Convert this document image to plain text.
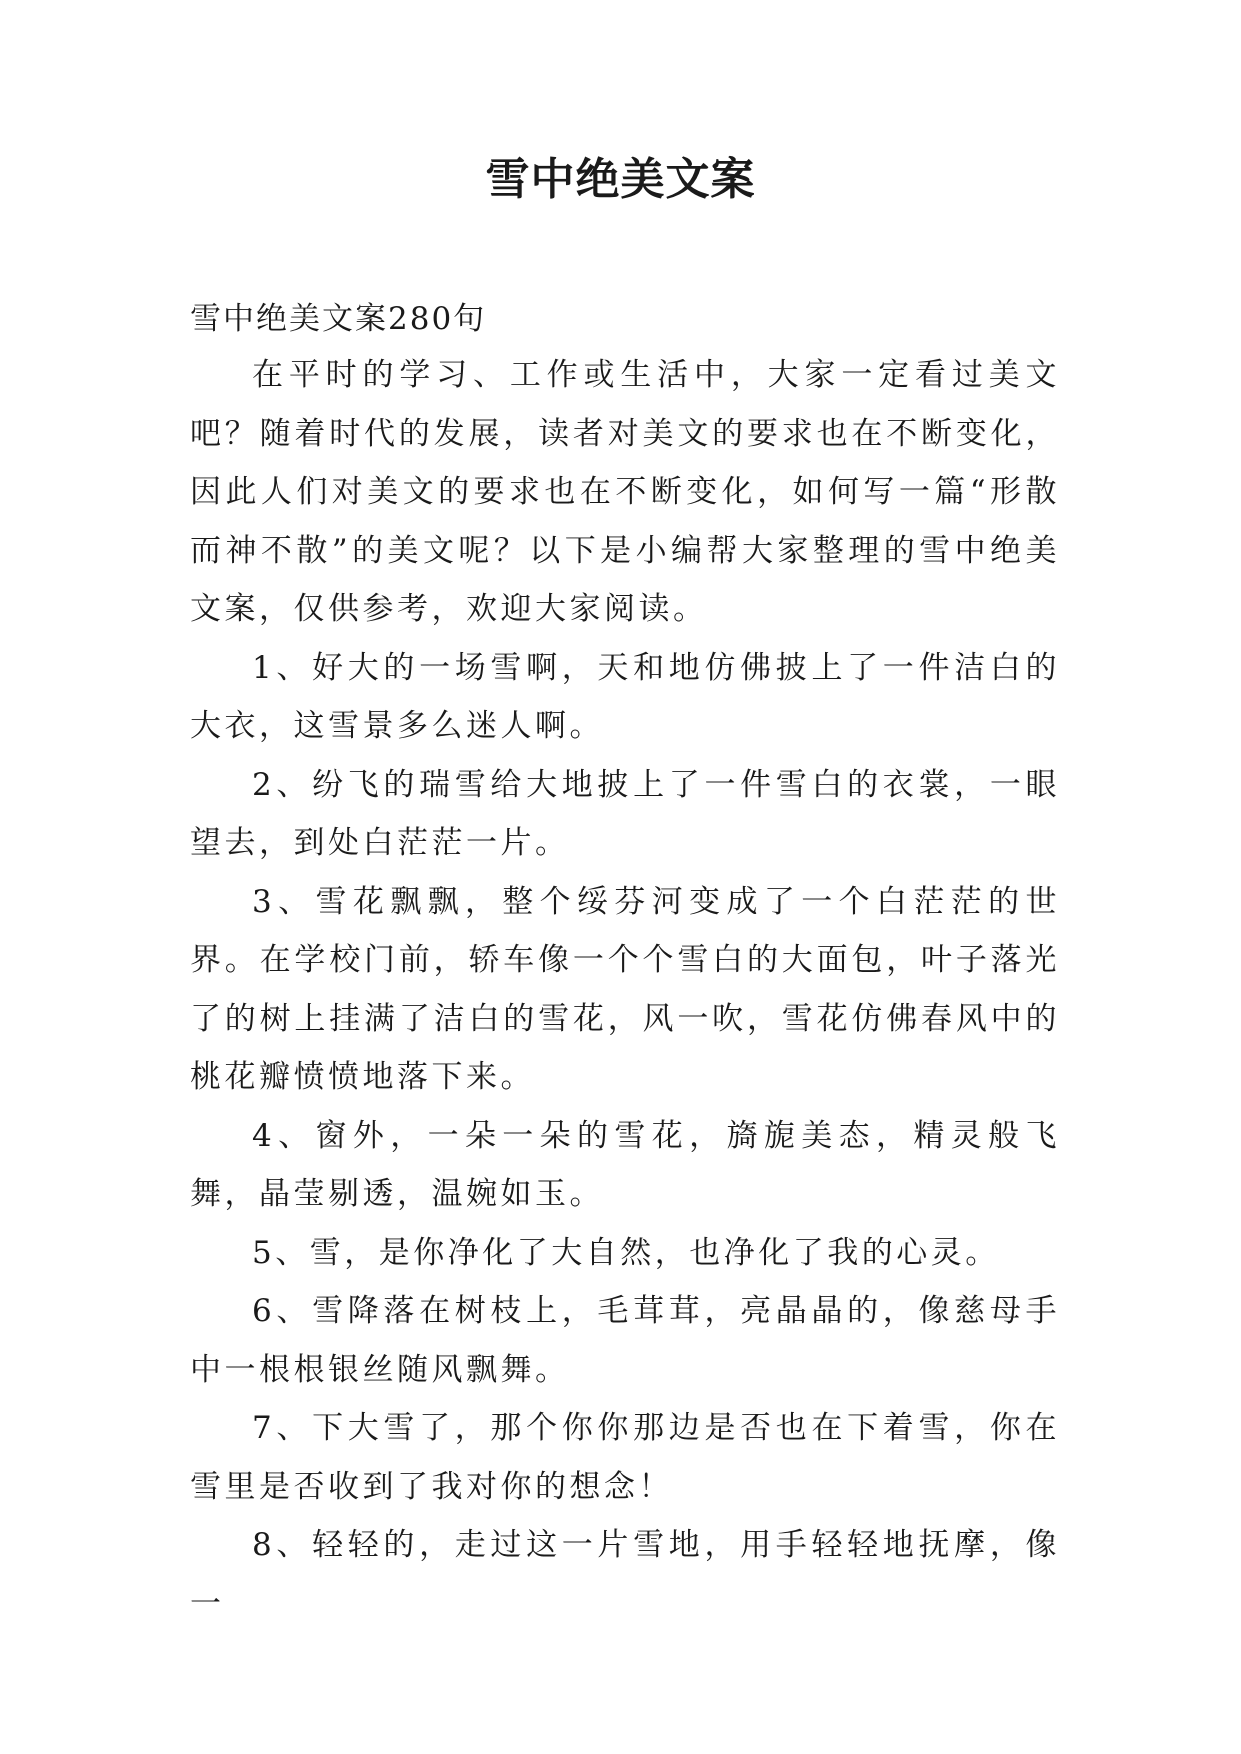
雪中绝美文案
雪中绝美文案280句

在平时的学习、工作或生活中，大家一定看过美文吧？随着时代的发展，读者对美文的要求也在不断变化，因此人们对美文的要求也在不断变化，如何写一篇“形散而神不散”的美文呢？以下是小编帮大家整理的雪中绝美文案，仅供参考，欢迎大家阅读。

1、好大的一场雪啊，天和地仿佛披上了一件洁白的大衣，这雪景多么迷人啊。

2、纷飞的瑞雪给大地披上了一件雪白的衣裳，一眼望去，到处白茫茫一片。

3、雪花飘飘，整个绥芬河变成了一个白茫茫的世界。在学校门前，轿车像一个个雪白的大面包，叶子落光了的树上挂满了洁白的雪花，风一吹，雪花仿佛春风中的桃花瓣愤愤地落下来。

4、窗外，一朵一朵的雪花，旖旎美态，精灵般飞舞，晶莹剔透，温婉如玉。

5、雪，是你净化了大自然，也净化了我的心灵。

6、雪降落在树枝上，毛茸茸，亮晶晶的，像慈母手中一根根银丝随风飘舞。

7、下大雪了，那个你你那边是否也在下着雪，你在雪里是否收到了我对你的想念！

8、轻轻的，走过这一片雪地，用手轻轻地抚摩，像一
